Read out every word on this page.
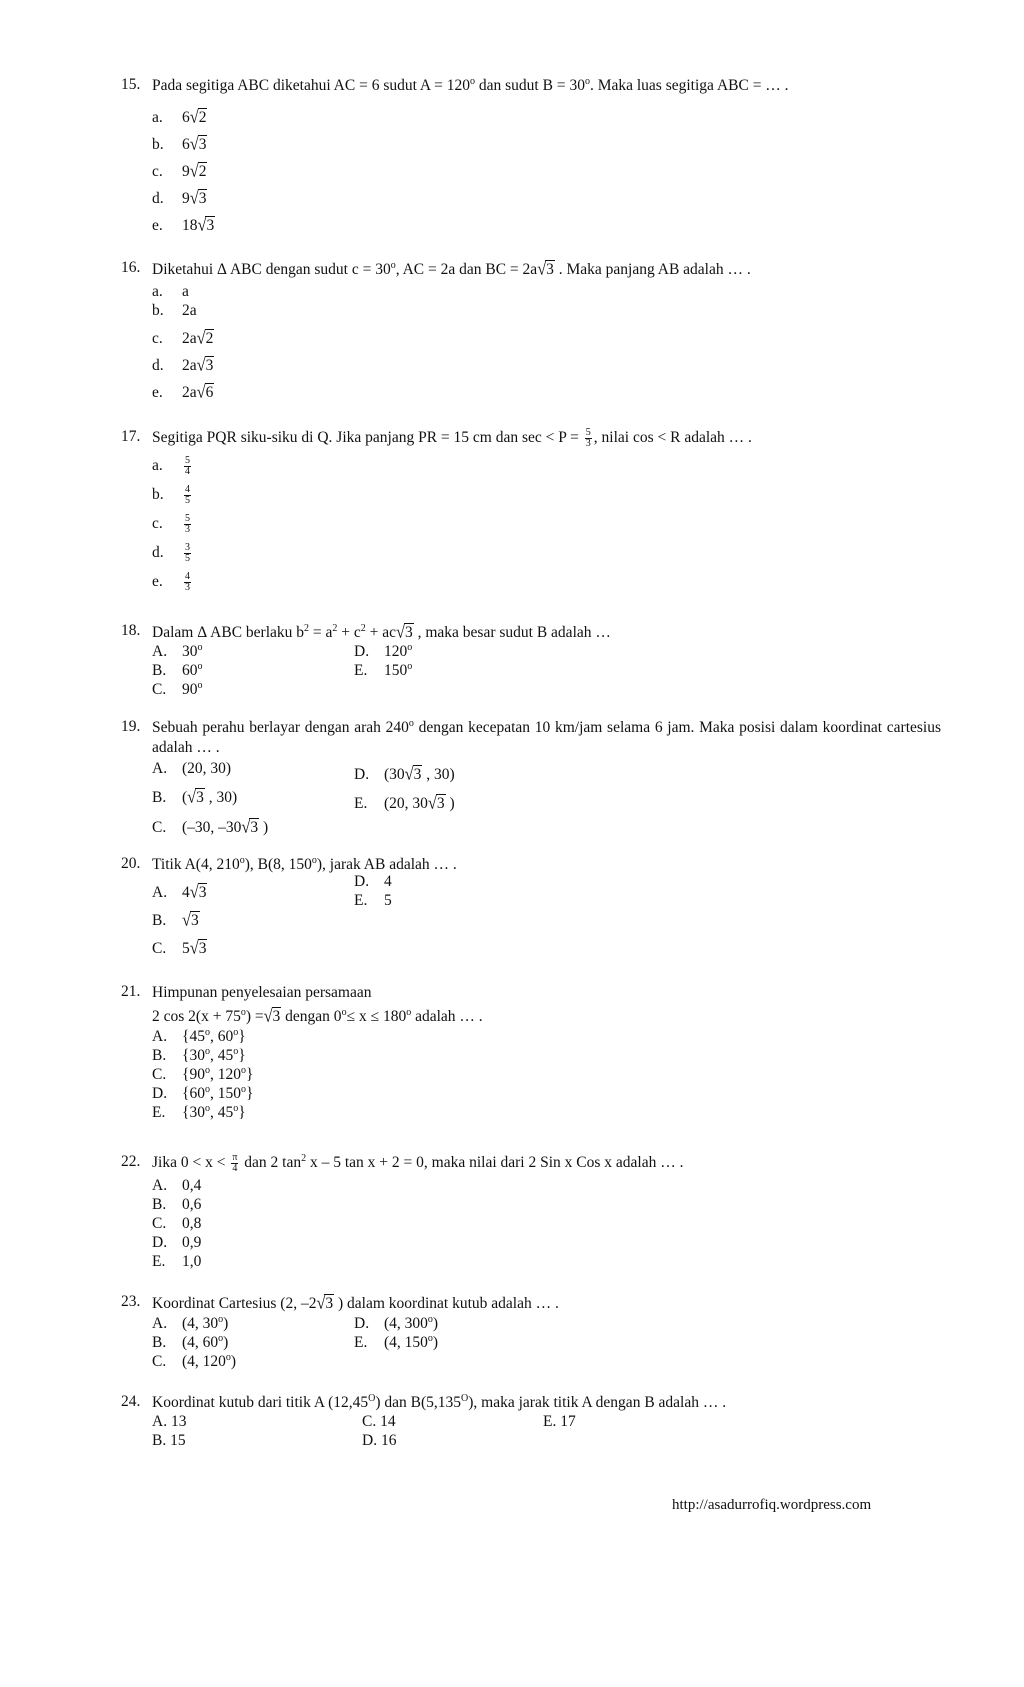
15. Pada segitiga ABC diketahui AC = 6 sudut $A = 120^o$ dan sudut $B = 30^o$. Maka luas segitiga ABC = … .
a. 6√2
b. 6√3
c. 9√2
d. 9√3
e. 18√3
16. Diketahui Δ ABC dengan sudut $c = 30^o$, AC = 2a dan BC = 2a√3 . Maka panjang AB adalah … .
a. a
b. 2a
c. 2a√2
d. 2a√3
e. 2a√6
17. Segitiga PQR siku-siku di Q. Jika panjang PR = 15 cm dan $\sec < P = \frac{5}{3}$ , nilai cos < R adalah … .
a. $\frac{5}{4}$
b. $\frac{4}{5}$
c. $\frac{5}{3}$
d. $\frac{3}{5}$
e. $\frac{4}{3}$
18. Dalam Δ ABC berlaku $b^2 = a^2 + c^2 + ac√3$ , maka besar sudut B adalah …
A. 30$^o$
B. 60$^o$
C. 90$^o$
D. 120$^o$
E. 150$^o$
19. Sebuah perahu berlayar dengan arah 240$^o$ dengan kecepatan 10 km/jam selama 6 jam. Maka posisi dalam koordinat cartesius adalah … .
A. (20, 30)
B. (√3 , 30)
C. (–30, –30√3 )
D. (30√3 , 30)
E. (20, 30√3 )
20. Titik A(4, 210$^o$), B(8, 150$^o$), jarak AB adalah … .
A. 4√3
B. √3
C. 5√3
D. 4
E. 5
21. Himpunan penyelesaian persamaan
2 $\cos 2(x + 75^o) =√3$ dengan $0^o\le x \le 180^o$ adalah … .
A. {45$^o$, 60$^o$}
B. {30$^o$, 45$^o$}
C. {90$^o$, 120$^o$}
D. {60$^o$, 150$^o$}
E. {30$^o$, 45$^o$}
22. Jika $0 < x < \frac{\pi}{4}$ dan 2 $\tan^2 x - 5$ tan x + 2 = 0, maka nilai dari 2 Sin x Cos x adalah … .
A. 0,4
B. 0,6
C. 0,8
D. 0,9
E. 1,0
23. Koordinat Cartesius (2, –2√3 ) dalam koordinat kutub adalah … .
A. (4, 30$^o$)
B. (4, 60$^o$)
C. (4, 120$^o$)
D. (4, 300$^o$)
E. (4, 150$^o$)
24. Koordinat kutub dari titik A $(12,45^O)$ dan $B(5,135^O)$, maka jarak titik A dengan B adalah … .
A. 13
B. 15
C. 14
D. 16
E. 17
http://asadurrofiq.wordpress.com
